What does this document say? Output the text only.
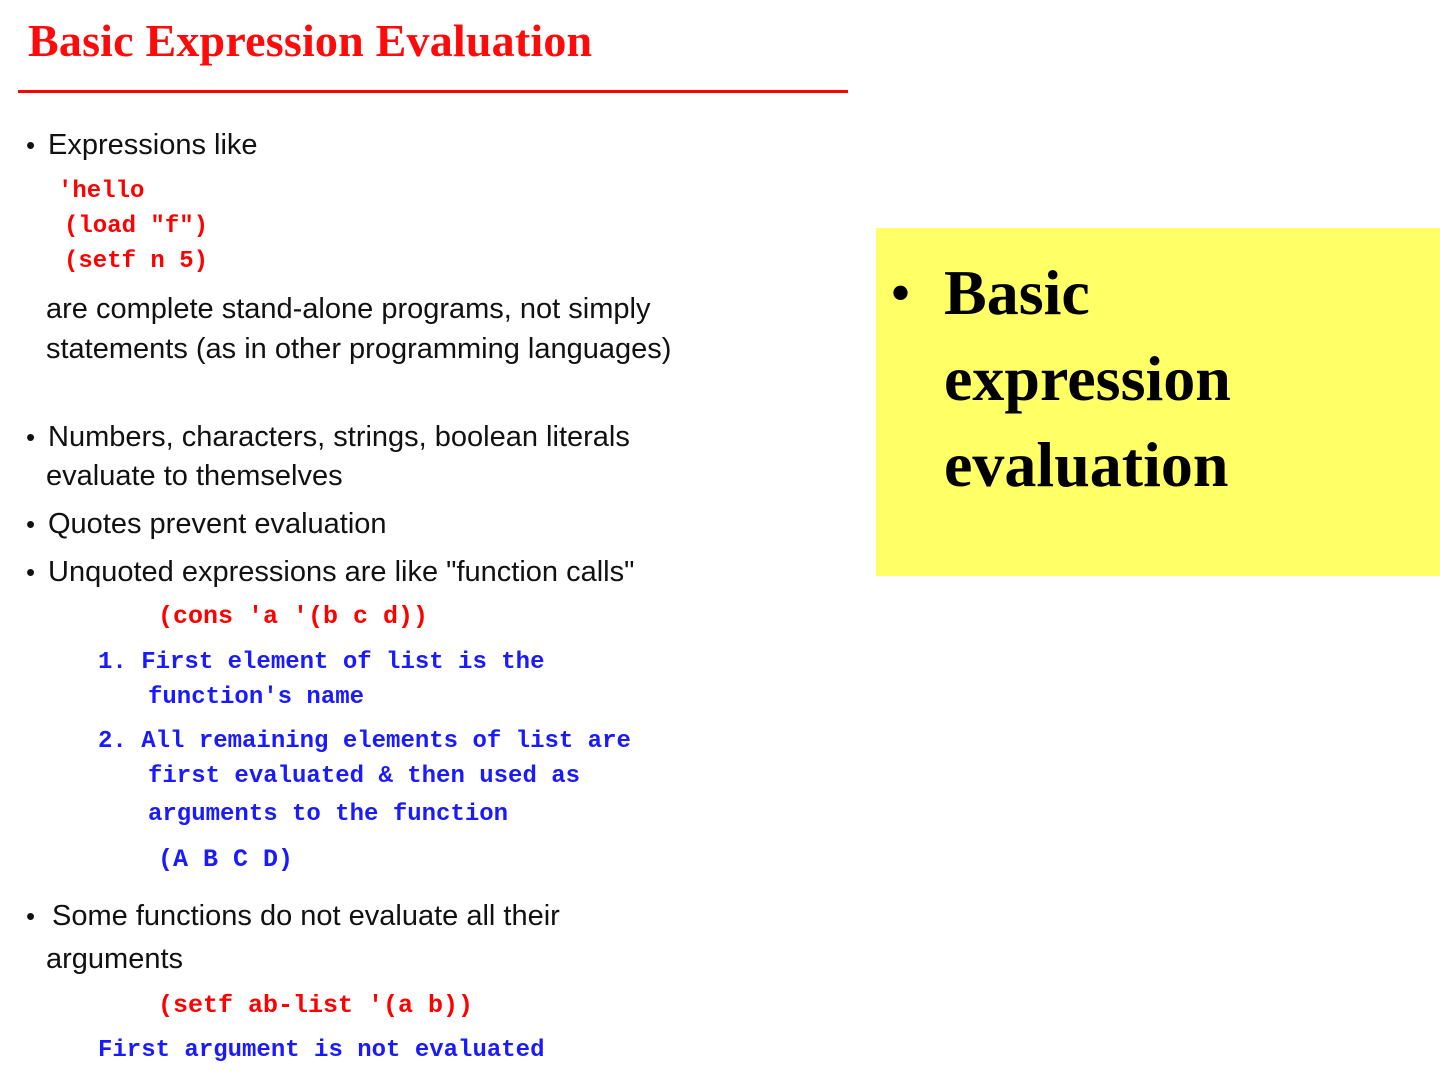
Basic Expression Evaluation
• Expressions like
'hello
(load "f")
(setf n 5)
are complete stand-alone programs, not simply
statements (as in other programming languages)
• Numbers, characters, strings, boolean literals
evaluate to themselves
• Quotes prevent evaluation
• Unquoted expressions are like "function calls"
(cons 'a '(b c d))
1. First element of list is the
function's name
2. All remaining elements of list are
first evaluated & then used as
arguments to the function
(A B C D)
• Some functions do not evaluate all their
arguments
(setf ab-list '(a b))
First argument is not evaluated
• Basic
expression
evaluation
